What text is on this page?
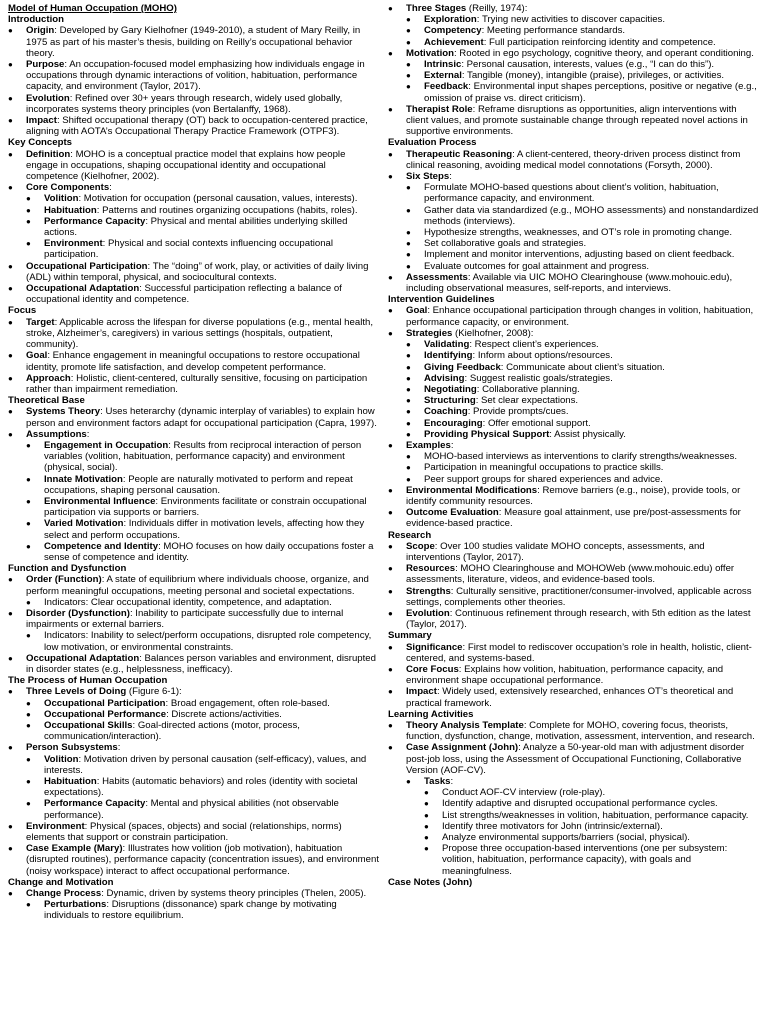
Model of Human Occupation (MOHO)
Introduction
● Origin: Developed by Gary Kielhofner (1949-2010), a student of Mary Reilly, in 1975 as part of his master’s thesis, building on Reilly’s occupational behavior theory.
● Purpose: An occupation-focused model emphasizing how individuals engage in occupations through dynamic interactions of volition, habituation, performance capacity, and environment (Taylor, 2017).
● Evolution: Refined over 30+ years through research, widely used globally, incorporates systems theory principles (von Bertalanffy, 1968).
● Impact: Shifted occupational therapy (OT) back to occupation-centered practice, aligning with AOTA’s Occupational Therapy Practice Framework (OTPF3).
Key Concepts
● Definition: MOHO is a conceptual practice model that explains how people engage in occupations, shaping occupational identity and occupational competence (Kielhofner, 2002).
● Core Components:
● Volition: Motivation for occupation (personal causation, values, interests).
● Habituation: Patterns and routines organizing occupations (habits, roles).
● Performance Capacity: Physical and mental abilities underlying skilled actions.
● Environment: Physical and social contexts influencing occupational participation.
● Occupational Participation: The “doing” of work, play, or activities of daily living (ADL) within temporal, physical, and sociocultural contexts.
● Occupational Adaptation: Successful participation reflecting a balance of occupational identity and competence.
Focus
● Target: Applicable across the lifespan for diverse populations (e.g., mental health, stroke, Alzheimer’s, caregivers) in various settings (hospitals, outpatient, community).
● Goal: Enhance engagement in meaningful occupations to restore occupational identity, promote life satisfaction, and develop competent performance.
● Approach: Holistic, client-centered, culturally sensitive, focusing on participation rather than impairment remediation.
Theoretical Base
● Systems Theory: Uses heterarchy (dynamic interplay of variables) to explain how person and environment factors adapt for occupational participation (Capra, 1997).
● Assumptions:
● Engagement in Occupation: Results from reciprocal interaction of person variables (volition, habituation, performance capacity) and environment (physical, social).
● Innate Motivation: People are naturally motivated to perform and repeat occupations, shaping personal causation.
● Environmental Influence: Environments facilitate or constrain occupational participation via supports or barriers.
● Varied Motivation: Individuals differ in motivation levels, affecting how they select and perform occupations.
● Competence and Identity: MOHO focuses on how daily occupations foster a sense of competence and identity.
Function and Dysfunction
● Order (Function): A state of equilibrium where individuals choose, organize, and perform meaningful occupations, meeting personal and societal expectations.
● Indicators: Clear occupational identity, competence, and adaptation.
● Disorder (Dysfunction): Inability to participate successfully due to internal impairments or external barriers.
● Indicators: Inability to select/perform occupations, disrupted role competency, low motivation, or environmental constraints.
● Occupational Adaptation: Balances person variables and environment, disrupted in disorder states (e.g., helplessness, inefficacy).
The Process of Human Occupation
● Three Levels of Doing (Figure 6-1):
● Occupational Participation: Broad engagement, often role-based.
● Occupational Performance: Discrete actions/activities.
● Occupational Skills: Goal-directed actions (motor, process, communication/interaction).
● Person Subsystems:
● Volition: Motivation driven by personal causation (self-efficacy), values, and interests.
● Habituation: Habits (automatic behaviors) and roles (identity with societal expectations).
● Performance Capacity: Mental and physical abilities (not observable performance).
● Environment: Physical (spaces, objects) and social (relationships, norms) elements that support or constrain participation.
● Case Example (Mary): Illustrates how volition (job motivation), habituation (disrupted routines), performance capacity (concentration issues), and environment (noisy workspace) interact to affect occupational performance.
Change and Motivation
● Change Process: Dynamic, driven by systems theory principles (Thelen, 2005).
● Perturbations: Disruptions (dissonance) spark change by motivating individuals to restore equilibrium.
● Three Stages (Reilly, 1974):
● Exploration: Trying new activities to discover capacities.
● Competency: Meeting performance standards.
● Achievement: Full participation reinforcing identity and competence.
● Motivation: Rooted in ego psychology, cognitive theory, and operant conditioning.
● Intrinsic: Personal causation, interests, values (e.g., “I can do this”).
● External: Tangible (money), intangible (praise), privileges, or activities.
● Feedback: Environmental input shapes perceptions, positive or negative (e.g., omission of praise vs. direct criticism).
● Therapist Role: Reframe disruptions as opportunities, align interventions with client values, and promote sustainable change through repeated novel actions in supportive environments.
Evaluation Process
● Therapeutic Reasoning: A client-centered, theory-driven process distinct from clinical reasoning, avoiding medical model connotations (Forsyth, 2000).
● Six Steps:
● Formulate MOHO-based questions about client’s volition, habituation, performance capacity, and environment.
● Gather data via standardized (e.g., MOHO assessments) and nonstandardized methods (interviews).
● Hypothesize strengths, weaknesses, and OT’s role in promoting change.
● Set collaborative goals and strategies.
● Implement and monitor interventions, adjusting based on client feedback.
● Evaluate outcomes for goal attainment and progress.
● Assessments: Available via UIC MOHO Clearinghouse (www.mohouic.edu), including observational measures, self-reports, and interviews.
Intervention Guidelines
● Goal: Enhance occupational participation through changes in volition, habituation, performance capacity, or environment.
● Strategies (Kielhofner, 2008):
● Validating: Respect client’s experiences.
● Identifying: Inform about options/resources.
● Giving Feedback: Communicate about client’s situation.
● Advising: Suggest realistic goals/strategies.
● Negotiating: Collaborative planning.
● Structuring: Set clear expectations.
● Coaching: Provide prompts/cues.
● Encouraging: Offer emotional support.
● Providing Physical Support: Assist physically.
● Examples:
● MOHO-based interviews as interventions to clarify strengths/weaknesses.
● Participation in meaningful occupations to practice skills.
● Peer support groups for shared experiences and advice.
● Environmental Modifications: Remove barriers (e.g., noise), provide tools, or identify community resources.
● Outcome Evaluation: Measure goal attainment, use pre/post-assessments for evidence-based practice.
Research
● Scope: Over 100 studies validate MOHO concepts, assessments, and interventions (Taylor, 2017).
● Resources: MOHO Clearinghouse and MOHOWeb (www.mohouic.edu) offer assessments, literature, videos, and evidence-based tools.
● Strengths: Culturally sensitive, practitioner/consumer-involved, applicable across settings, complements other theories.
● Evolution: Continuous refinement through research, with 5th edition as the latest (Taylor, 2017).
Summary
● Significance: First model to rediscover occupation’s role in health, holistic, client-centered, and systems-based.
● Core Focus: Explains how volition, habituation, performance capacity, and environment shape occupational performance.
● Impact: Widely used, extensively researched, enhances OT’s theoretical and practical framework.
Learning Activities
● Theory Analysis Template: Complete for MOHO, covering focus, theorists, function, dysfunction, change, motivation, assessment, intervention, and research.
● Case Assignment (John): Analyze a 50-year-old man with adjustment disorder post-job loss, using the Assessment of Occupational Functioning, Collaborative Version (AOF-CV).
● Tasks:
● Conduct AOF-CV interview (role-play).
● Identify adaptive and disrupted occupational performance cycles.
● List strengths/weaknesses in volition, habituation, performance capacity.
● Identify three motivators for John (intrinsic/external).
● Analyze environmental supports/barriers (social, physical).
● Propose three occupation-based interventions (one per subsystem: volition, habituation, performance capacity), with goals and meaningfulness.
Case Notes (John)
